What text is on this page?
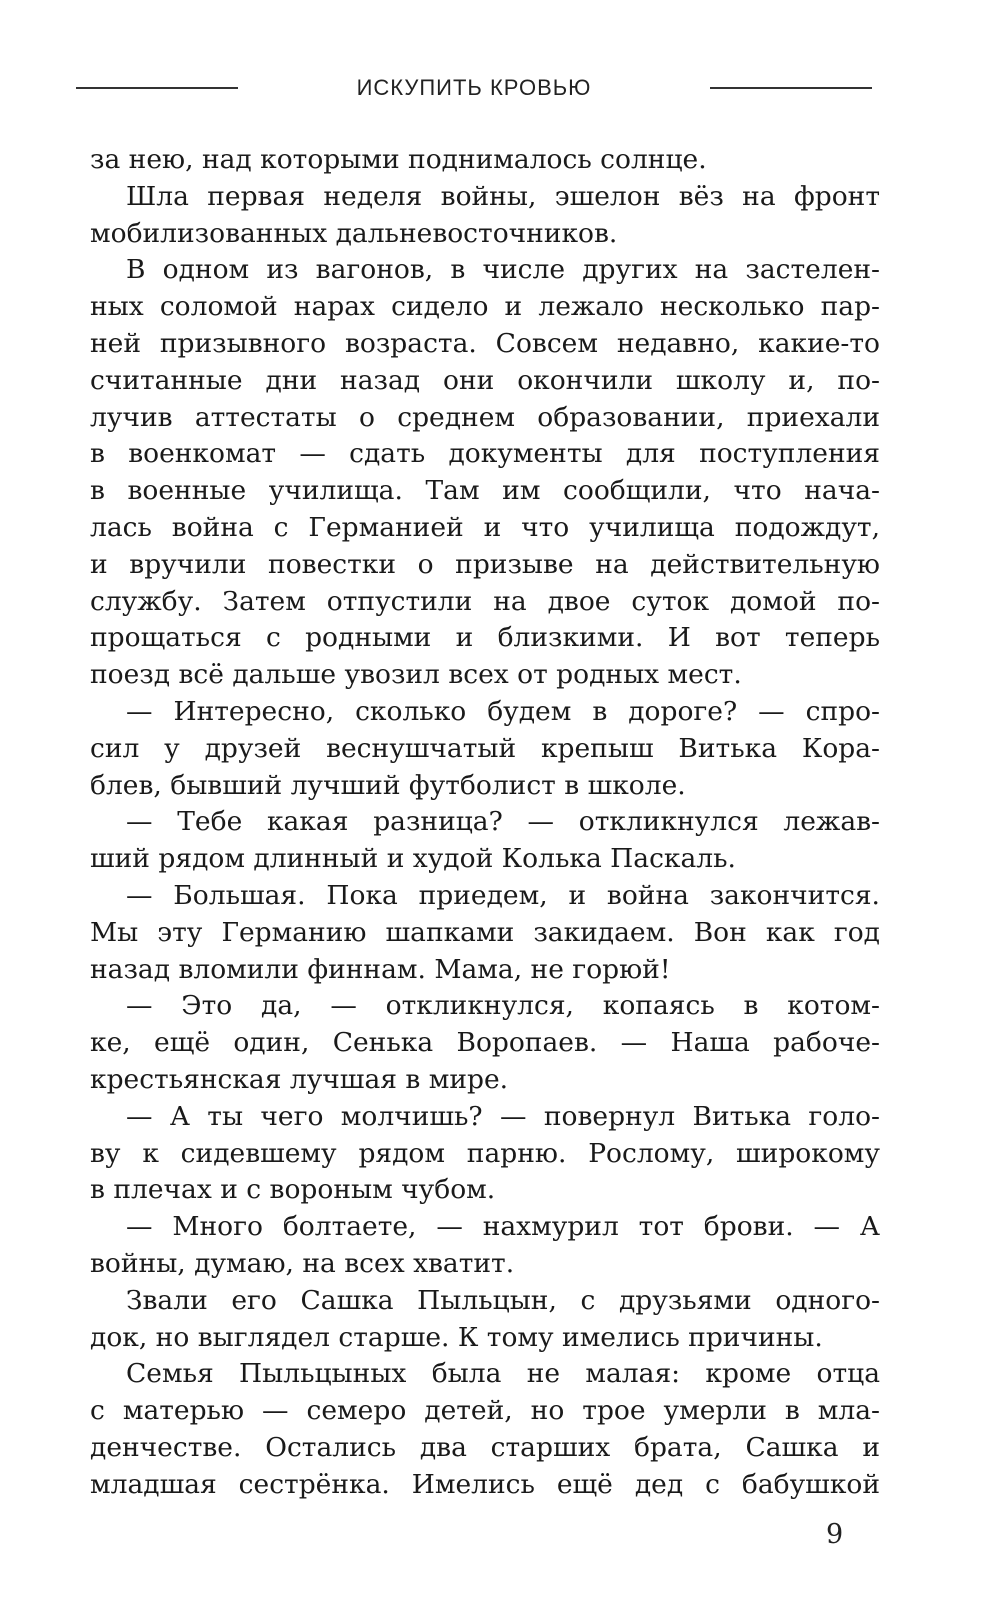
ИСКУПИТЬ КРОВЬЮ
за нею, над которыми поднималось солнце.
Шла первая неделя войны, эшелон вёз на фронт
мобилизованных дальневосточников.
В одном из вагонов, в числе других на застелен-
ных соломой нарах сидело и лежало несколько пар-
ней призывного возраста. Совсем недавно, какие-то
считанные дни назад они окончили школу и, по-
лучив аттестаты о среднем образовании, приехали
в военкомат — сдать документы для поступления
в военные училища. Там им сообщили, что нача-
лась война с Германией и что училища подождут,
и вручили повестки о призыве на действительную
службу. Затем отпустили на двое суток домой по-
прощаться с родными и близкими. И вот теперь
поезд всё дальше увозил всех от родных мест.
— Интересно, сколько будем в дороге? — спро-
сил у друзей веснушчатый крепыш Витька Кора-
блев, бывший лучший футболист в школе.
— Тебе какая разница? — откликнулся лежав-
ший рядом длинный и худой Колька Паскаль.
— Большая. Пока приедем, и война закончится.
Мы эту Германию шапками закидаем. Вон как год
назад вломили финнам. Мама, не горюй!
— Это да, — откликнулся, копаясь в котом-
ке, ещё один, Сенька Воропаев. — Наша рабоче-
крестьянская лучшая в мире.
— А ты чего молчишь? — повернул Витька голо-
ву к сидевшему рядом парню. Рослому, широкому
в плечах и с вороным чубом.
— Много болтаете, — нахмурил тот брови. — А
войны, думаю, на всех хватит.
Звали его Сашка Пыльцын, с друзьями одного-
док, но выглядел старше. К тому имелись причины.
Семья Пыльцыных была не малая: кроме отца
с матерью — семеро детей, но трое умерли в мла-
денчестве. Остались два старших брата, Сашка и
младшая сестрёнка. Имелись ещё дед с бабушкой
9
